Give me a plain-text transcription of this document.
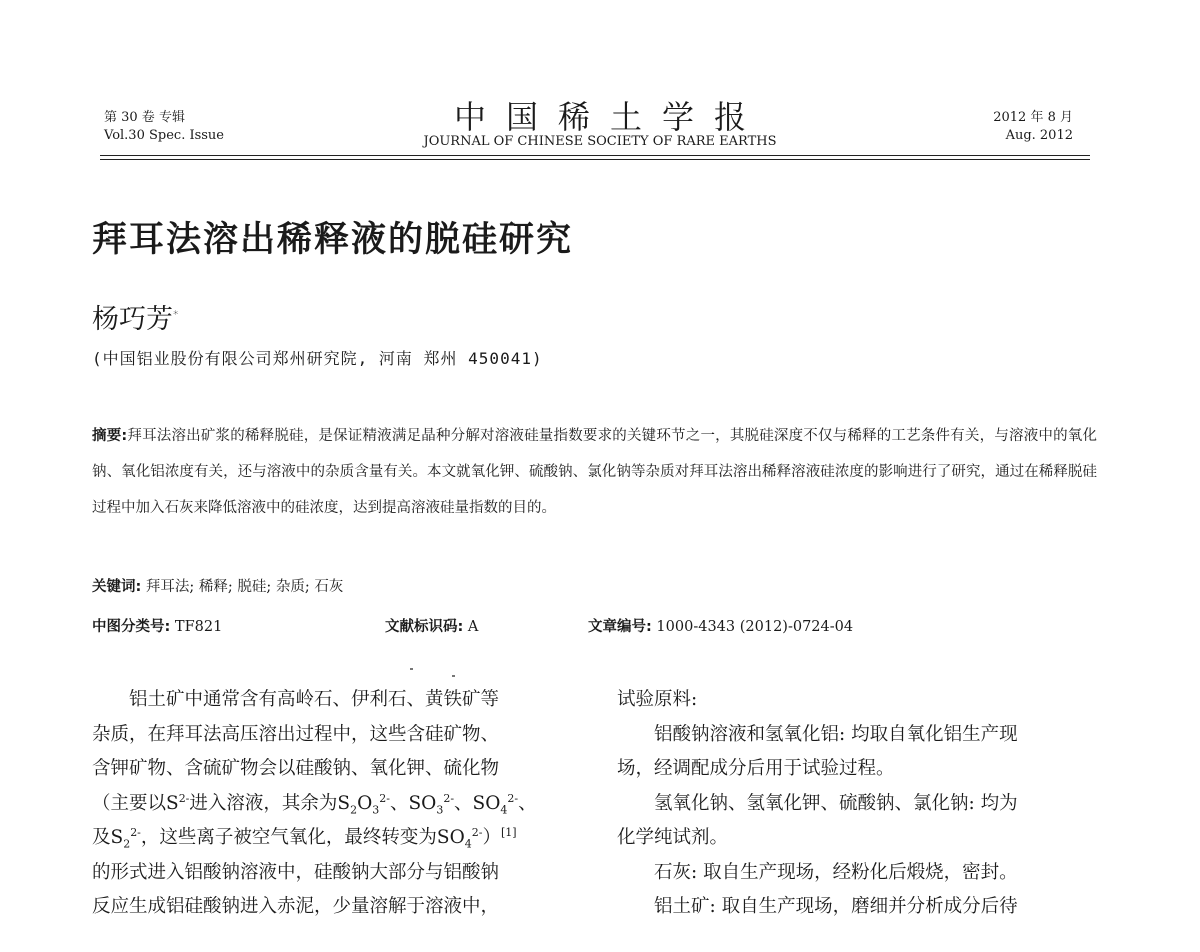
第 30 卷 专辑
Vol.30 Spec. Issue	中国稀土学报
JOURNAL OF CHINESE SOCIETY OF RARE EARTHS
2012 年 8 月
Aug. 2012
拜耳法溶出稀释液的脱硅研究
杨巧芳*
(中国铝业股份有限公司郑州研究院, 河南 郑州 450041)
摘要:拜耳法溶出矿浆的稀释脱硅，是保证精液满足晶种分解对溶液硅量指数要求的关键环节之一，其脱硅深度不仅与稀释的工艺条件有关，与溶液中的氧化钠、氧化铝浓度有关，还与溶液中的杂质含量有关。本文就氧化钾、硫酸钠、氯化钠等杂质对拜耳法溶出稀释溶液硅浓度的影响进行了研究，通过在稀释脱硅过程中加入石灰来降低溶液中的硅浓度，达到提高溶液硅量指数的目的。
关键词: 拜耳法; 稀释; 脱硅; 杂质; 石灰
中图分类号: TF821	文献标识码: A	文章编号: 1000-4343 (2012)-0724-04

铝土矿中通常含有高岭石、伊利石、黄铁矿等

杂质，在拜耳法高压溶出过程中，这些含硅矿物、

含钾矿物、含硫矿物会以硅酸钠、氧化钾、硫化物

（主要以$S^{2-}$进入溶液，其余为$S_2O_3^{2-}$、$SO_3^{2-}$、$SO_4^{2-}$、

及$S_2^{2-}$，这些离子被空气氧化，最终转变为$SO_4^{2-})[1]$

的形式进入铝酸钠溶液中，硅酸钠大部分与铝酸钠

反应生成铝硅酸钠进入赤泥，少量溶解于溶液中，

试验原料:

铝酸钠溶液和氢氧化铝: 均取自氧化铝生产现

场，经调配成分后用于试验过程。

氢氧化钠、氢氧化钾、硫酸钠、氯化钠: 均为

化学纯试剂。

石灰: 取自生产现场，经粉化后煅烧，密封。

铝土矿: 取自生产现场，磨细并分析成分后待
